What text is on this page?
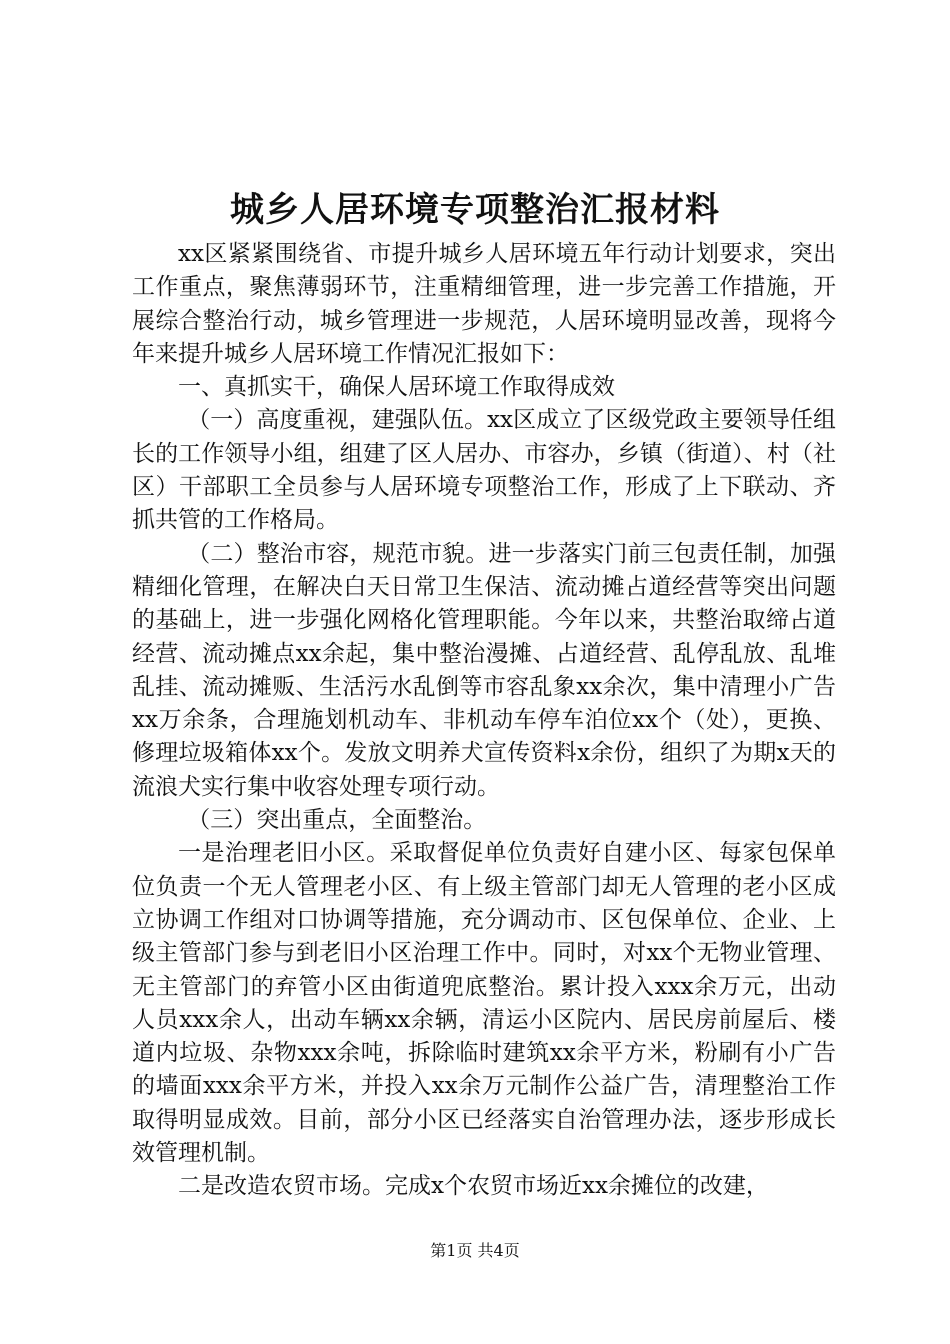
城乡人居环境专项整治汇报材料

xx区紧紧围绕省、市提升城乡人居环境五年行动计划要求，突出工作重点，聚焦薄弱环节，注重精细管理，进一步完善工作措施，开展综合整治行动，城乡管理进一步规范，人居环境明显改善，现将今年来提升城乡人居环境工作情况汇报如下：

一、真抓实干，确保人居环境工作取得成效

（一）高度重视，建强队伍。xx区成立了区级党政主要领导任组长的工作领导小组，组建了区人居办、市容办，乡镇（街道）、村（社区）干部职工全员参与人居环境专项整治工作，形成了上下联动、齐抓共管的工作格局。

（二）整治市容，规范市貌。进一步落实门前三包责任制，加强精细化管理，在解决白天日常卫生保洁、流动摊占道经营等突出问题的基础上，进一步强化网格化管理职能。今年以来，共整治取缔占道经营、流动摊点xx余起，集中整治漫摊、占道经营、乱停乱放、乱堆乱挂、流动摊贩、生活污水乱倒等市容乱象xx余次，集中清理小广告xx万余条，合理施划机动车、非机动车停车泊位xx个（处），更换、修理垃圾箱体xx个。发放文明养犬宣传资料x余份，组织了为期x天的流浪犬实行集中收容处理专项行动。

（三）突出重点，全面整治。

一是治理老旧小区。采取督促单位负责好自建小区、每家包保单位负责一个无人管理老小区、有上级主管部门却无人管理的老小区成立协调工作组对口协调等措施，充分调动市、区包保单位、企业、上级主管部门参与到老旧小区治理工作中。同时，对xx个无物业管理、无主管部门的弃管小区由街道兜底整治。累计投入xxx余万元，出动人员xxx余人，出动车辆xx余辆，清运小区院内、居民房前屋后、楼道内垃圾、杂物xxx余吨，拆除临时建筑xx余平方米，粉刷有小广告的墙面xxx余平方米，并投入xx余万元制作公益广告，清理整治工作取得明显成效。目前，部分小区已经落实自治管理办法，逐步形成长效管理机制。

二是改造农贸市场。完成x个农贸市场近xx余摊位的改建，

第1页 共4页
